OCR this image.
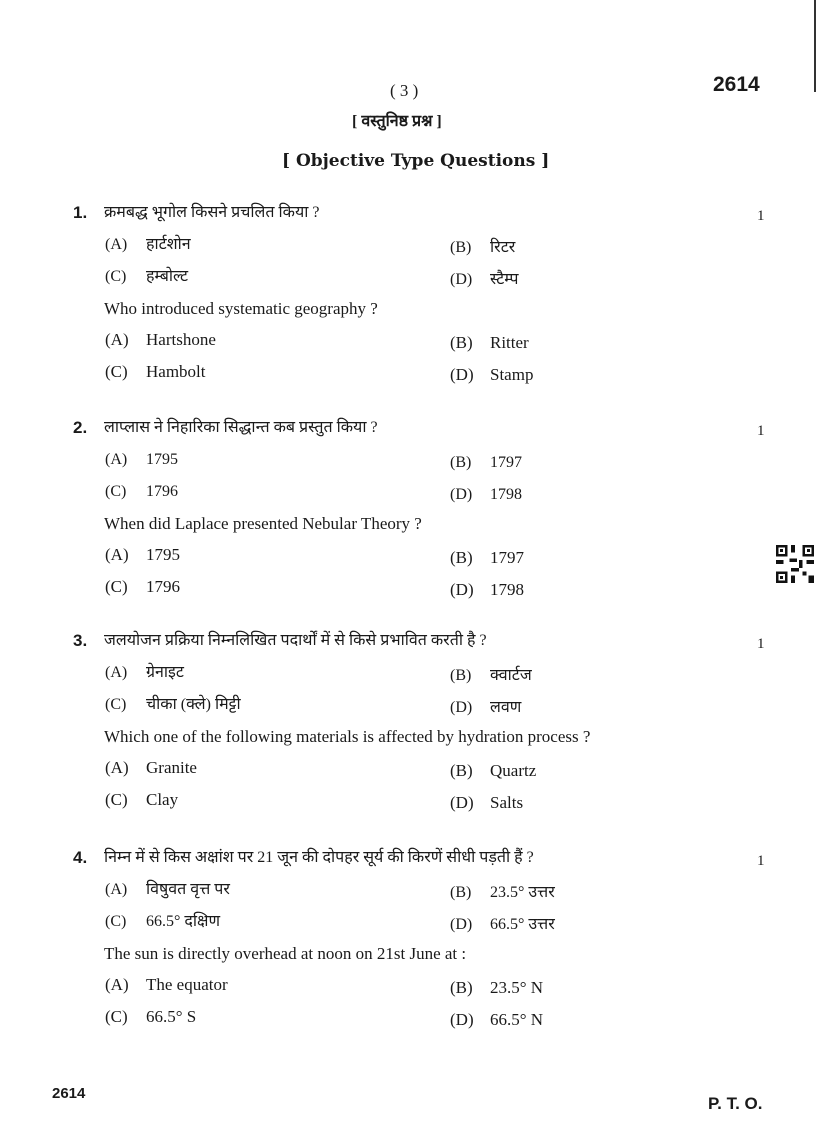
( 3 )	2614
[ वस्तुनिष्ठ प्रश्न ]
[ Objective Type Questions ]
1. क्रमबद्ध भूगोल किसने प्रचलित किया ?	1
(A) हार्टशोन	(B) रिटर
(C) हम्बोल्ट	(D) स्टैम्प
Who introduced systematic geography ?
(A) Hartshone	(B) Ritter
(C) Hambolt	(D) Stamp
2. लाप्लास ने निहारिका सिद्धान्त कब प्रस्तुत किया ?	1
(A) 1795	(B) 1797
(C) 1796	(D) 1798
When did Laplace presented Nebular Theory ?
(A) 1795	(B) 1797
(C) 1796	(D) 1798
3. जलयोजन प्रक्रिया निम्नलिखित पदार्थों में से किसे प्रभावित करती है ?	1
(A) ग्रेनाइट	(B) क्वार्टज
(C) चीका (क्ले) मिट्टी	(D) लवण
Which one of the following materials is affected by hydration process ?
(A) Granite	(B) Quartz
(C) Clay	(D) Salts
4. निम्न में से किस अक्षांश पर 21 जून की दोपहर सूर्य की किरणें सीधी पड़ती हैं ?	1
(A) विषुवत वृत्त पर	(B) 23.5° उत्तर
(C) 66.5° दक्षिण	(D) 66.5° उत्तर
The sun is directly overhead at noon on 21st June at :
(A) The equator	(B) 23.5° N
(C) 66.5° S	(D) 66.5° N
2614
P. T. O.
